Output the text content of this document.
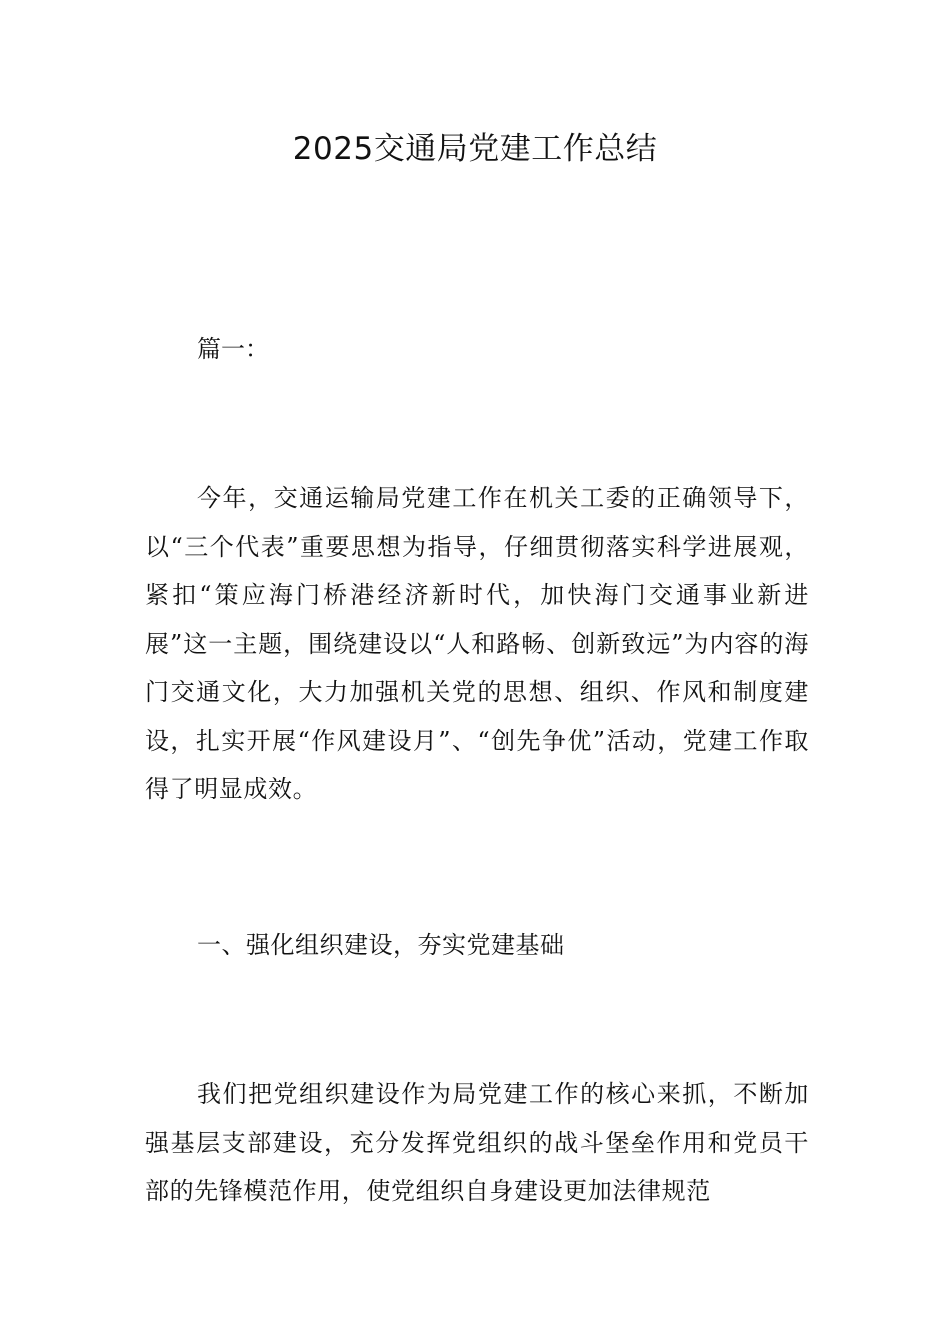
2025交通局党建工作总结
篇一：

今年，交通运输局党建工作在机关工委的正确领导下，以“三个代表”重要思想为指导，仔细贯彻落实科学进展观，紧扣“策应海门桥港经济新时代，加快海门交通事业新进展”这一主题，围绕建设以“人和路畅、创新致远”为内容的海门交通文化，大力加强机关党的思想、组织、作风和制度建设，扎实开展“作风建设月”、“创先争优”活动，党建工作取得了明显成效。

一、强化组织建设，夯实党建基础

我们把党组织建设作为局党建工作的核心来抓，不断加强基层支部建设，充分发挥党组织的战斗堡垒作用和党员干部的先锋模范作用，使党组织自身建设更加法律规范
